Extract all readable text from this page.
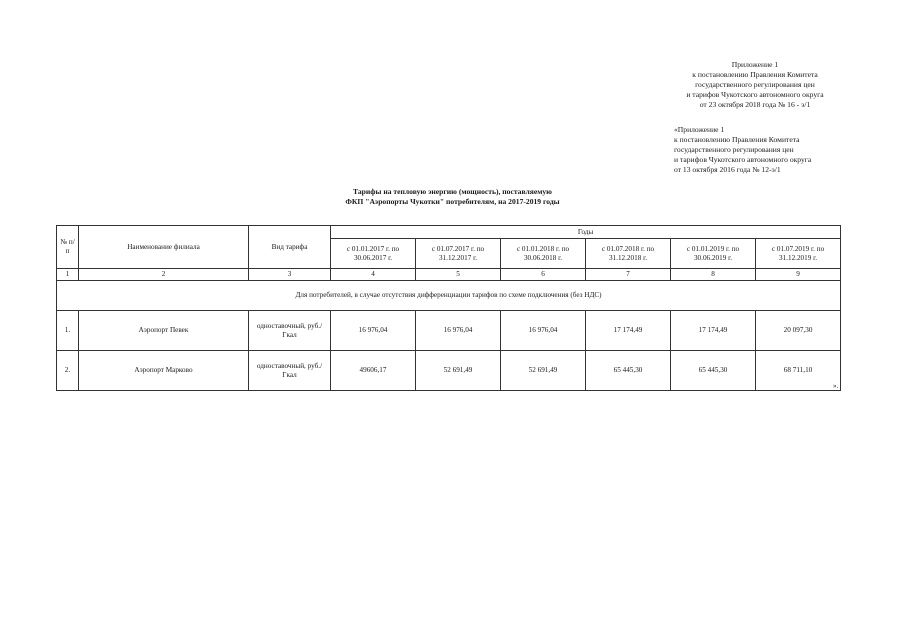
Приложение 1
к постановлению Правления Комитета
государственного регулирования цен
и тарифов Чукотского автономного округа
от 23 октября 2018 года № 16 - э/1
«Приложение 1
к постановлению Правления Комитета
государственного регулирования цен
и тарифов Чукотского автономного округа
от 13 октября 2016 года № 12-э/1
Тарифы на тепловую энергию (мощность), поставляемую
ФКП "Аэропорты Чукотки" потребителям, на 2017-2019 годы
№ п/п	Наименование филиала	Вид тарифа	Годы					
			с 01.01.2017 г. по 30.06.2017 г.	с 01.07.2017 г. по 31.12.2017 г.	с 01.01.2018 г. по 30.06.2018 г.	с 01.07.2018 г. по 31.12.2018 г.	с 01.01.2019 г. по 30.06.2019 г.	с 01.07.2019 г. по 31.12.2019 г.
1	2	3	4	5	6	7	8	9
Для потребителей, в случае отсутствия дифференциации тарифов по схеме подключения (без НДС)								
1.	Аэропорт Певек	одноставочный, руб./Гкал	16 976,04	16 976,04	16 976,04	17 174,49	17 174,49	20 097,30
2.	Аэропорт Марково	одноставочный, руб./Гкал	49606,17	52 691,49	52 691,49	65 445,30	65 445,30	68 711,10
».
